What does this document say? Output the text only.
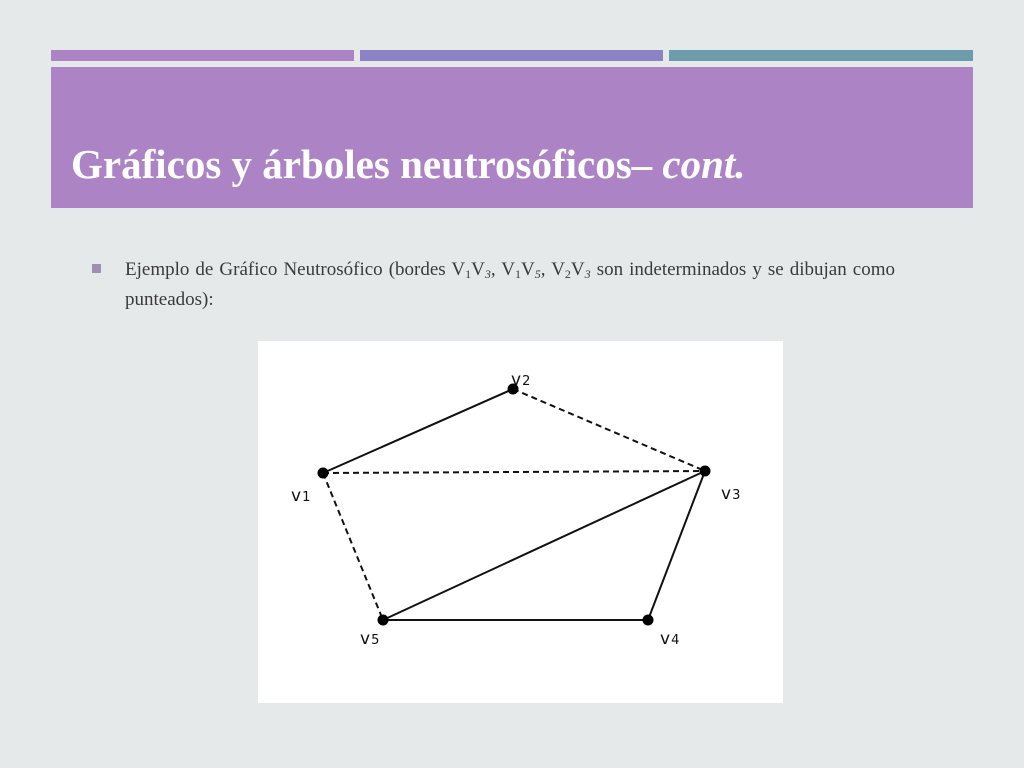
Gráficos y árboles neutrosóficos– cont.

Ejemplo de Gráfico Neutrosófico (bordes $V_1V_3$, $V_1V_5$, $V_2V_3$ son indeterminados y se dibujan como punteados):

v1
v2
v3
v4
v5
